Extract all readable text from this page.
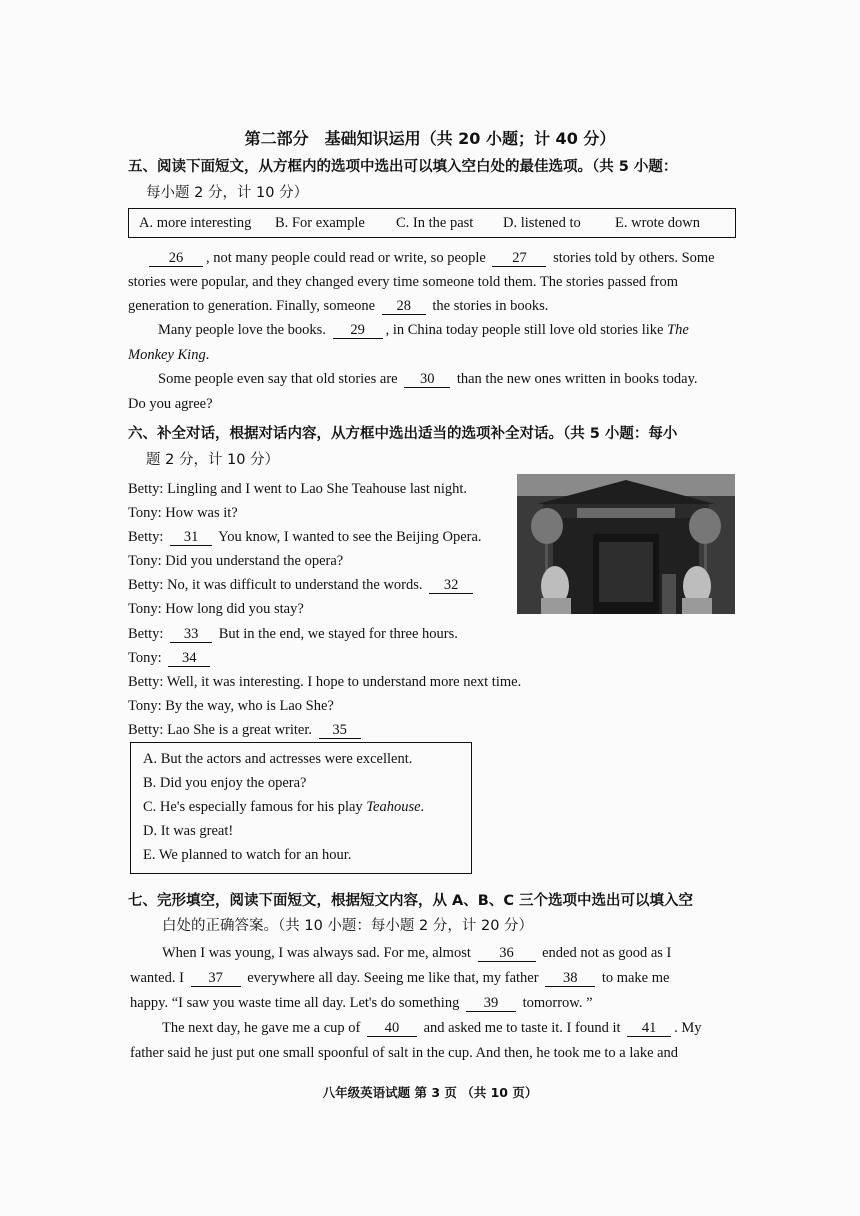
第二部分　基础知识运用（共 20 小题；计 40 分）
五、阅读下面短文，从方框内的选项中选出可以填入空白处的最佳选项。（共 5 小题：
每小题 2 分，计 10 分）
A. more interesting B. For example C. In the past D. listened to E. wrote down
26 , not many people could read or write, so people 27 stories told by others. Some
stories were popular, and they changed every time someone told them. The stories passed from
generation to generation. Finally, someone 28 the stories in books.
Many people love the books. 29 , in China today people still love old stories like The
Monkey King.
Some people even say that old stories are 30 than the new ones written in books today.
Do you agree?
六、补全对话，根据对话内容，从方框中选出适当的选项补全对话。（共 5 小题：每小
题 2 分，计 10 分）
Betty: Lingling and I went to Lao She Teahouse last night.
Tony: How was it?
Betty: 31 You know, I wanted to see the Beijing Opera.
Tony: Did you understand the opera?
Betty: No, it was difficult to understand the words. 32
Tony: How long did you stay?
Betty: 33 But in the end, we stayed for three hours.
Tony: 34
Betty: Well, it was interesting. I hope to understand more next time.
Tony: By the way, who is Lao She?
Betty: Lao She is a great writer. 35
A. But the actors and actresses were excellent.
B. Did you enjoy the opera?
C. He's especially famous for his play Teahouse.
D. It was great!
E. We planned to watch for an hour.
七、完形填空，阅读下面短文，根据短文内容，从 A、B、C 三个选项中选出可以填入空
白处的正确答案。（共 10 小题：每小题 2 分，计 20 分）
When I was young, I was always sad. For me, almost 36 ended not as good as I
wanted. I 37 everywhere all day. Seeing me like that, my father 38 to make me
happy. “I saw you waste time all day. Let's do something 39 tomorrow. ”
The next day, he gave me a cup of 40 and asked me to taste it. I found it 41 . My
father said he just put one small spoonful of salt in the cup. And then, he took me to a lake and
八年级英语试题 第 3 页 （共 10 页）
